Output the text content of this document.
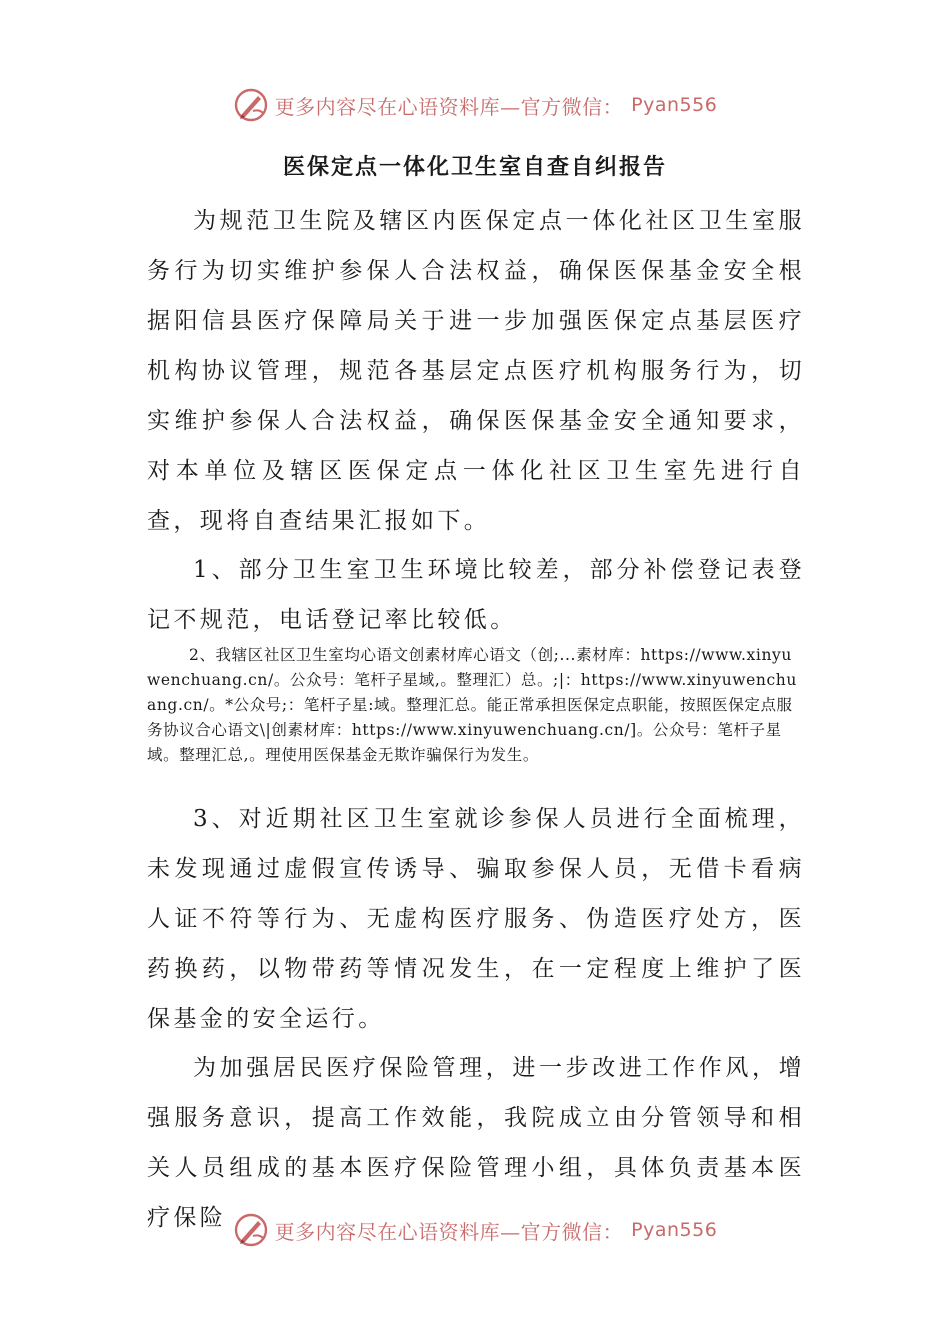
更多内容尽在心语资料库—官方微信： Pyan556
医保定点一体化卫生室自查自纠报告

为规范卫生院及辖区内医保定点一体化社区卫生室服务行为切实维护参保人合法权益，确保医保基金安全根据阳信县医疗保障局关于进一步加强医保定点基层医疗机构协议管理，规范各基层定点医疗机构服务行为，切实维护参保人合法权益，确保医保基金安全通知要求，对本单位及辖区医保定点一体化社区卫生室先进行自查，现将自查结果汇报如下。

1、部分卫生室卫生环境比较差，部分补偿登记表登记不规范，电话登记率比较低。

2、我辖区社区卫生室均心语文创素材库心语文（创;...素材库：https://www.xinyuwenchuang.cn/。公众号：笔杆子星域,。整理汇）总。;|：https://www.xinyuwenchuang.cn/。*公众号;：笔杆子星:域。整理汇总。能正常承担医保定点职能，按照医保定点服务协议合心语文\|创素材库：https://www.xinyuwenchuang.cn/]。公众号：笔杆子星域。整理汇总,。理使用医保基金无欺诈骗保行为发生。

3、对近期社区卫生室就诊参保人员进行全面梳理，未发现通过虚假宣传诱导、骗取参保人员，无借卡看病人证不符等行为、无虚构医疗服务、伪造医疗处方，医药换药，以物带药等情况发生，在一定程度上维护了医保基金的安全运行。

为加强居民医疗保险管理，进一步改进工作作风，增强服务意识，提高工作效能，我院成立由分管领导和相关人员组成的基本医疗保险管理小组，具体负责基本医疗保险

更多内容尽在心语资料库—官方微信： Pyan556
